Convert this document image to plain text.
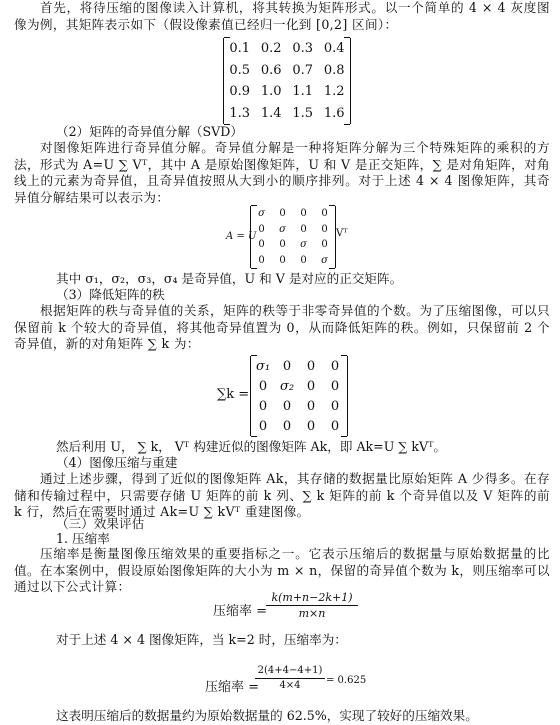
首先，将待压缩的图像读入计算机，将其转换为矩阵形式。以一个简单的 4 × 4 灰度图像为例，其矩阵表示如下（假设像素值已经归一化到 [0,2] 区间）：

0.1 0.2 0.3 0.4
0.5 0.6 0.7 0.8
0.9 1.0 1.1 1.2
1.3 1.4 1.5 1.6

（2）矩阵的奇异值分解（SVD）

对图像矩阵进行奇异值分解。奇异值分解是一种将矩阵分解为三个特殊矩阵的乘积的方法，形式为 A=U ∑ Vᵀ，其中 A 是原始图像矩阵，U 和 V 是正交矩阵，∑ 是对角矩阵，对角线上的元素为奇异值，且奇异值按照从大到小的顺序排列。对于上述 4 × 4 图像矩阵，其奇异值分解结果可以表示为：

A = U
σ 0 0 0
0 σ 0 0
0 0 σ 0
0 0 0 σ
Vᵀ

其中 σ₁，σ₂，σ₃，σ₄ 是奇异值，U 和 V 是对应的正交矩阵。

（3）降低矩阵的秩

根据矩阵的秩与奇异值的关系，矩阵的秩等于非零奇异值的个数。为了压缩图像，可以只保留前 k 个较大的奇异值，将其他奇异值置为 0，从而降低矩阵的秩。例如，只保留前 2 个奇异值，新的对角矩阵 ∑ k 为：

∑k =
σ₁ 0 0 0
0 σ₂ 0 0
0 0 0 0
0 0 0 0

然后利用 U， ∑ k， Vᵀ 构建近似的图像矩阵 Ak，即 Ak=U ∑ kVᵀ。

（4）图像压缩与重建

通过上述步骤，得到了近似的图像矩阵 Ak，其存储的数据量比原始矩阵 A 少得多。在存储和传输过程中，只需要存储 U 矩阵的前 k 列、∑ k 矩阵的前 k 个奇异值以及 V 矩阵的前 k 行，然后在需要时通过 Ak=U ∑ kVᵀ 重建图像。

（三）效果评估

1. 压缩率

压缩率是衡量图像压缩效果的重要指标之一。它表示压缩后的数据量与原始数据量的比值。在本案例中，假设原始图像矩阵的大小为 m × n，保留的奇异值个数为 k，则压缩率可以通过以下公式计算：

压缩率 =
k(m+n−2k+1)
m×n

对于上述 4 × 4 图像矩阵，当 k=2 时，压缩率为：

压缩率 =
2(4+4−4+1)
4×4	= 0.625

这表明压缩后的数据量约为原始数据量的 62.5%，实现了较好的压缩效果。
